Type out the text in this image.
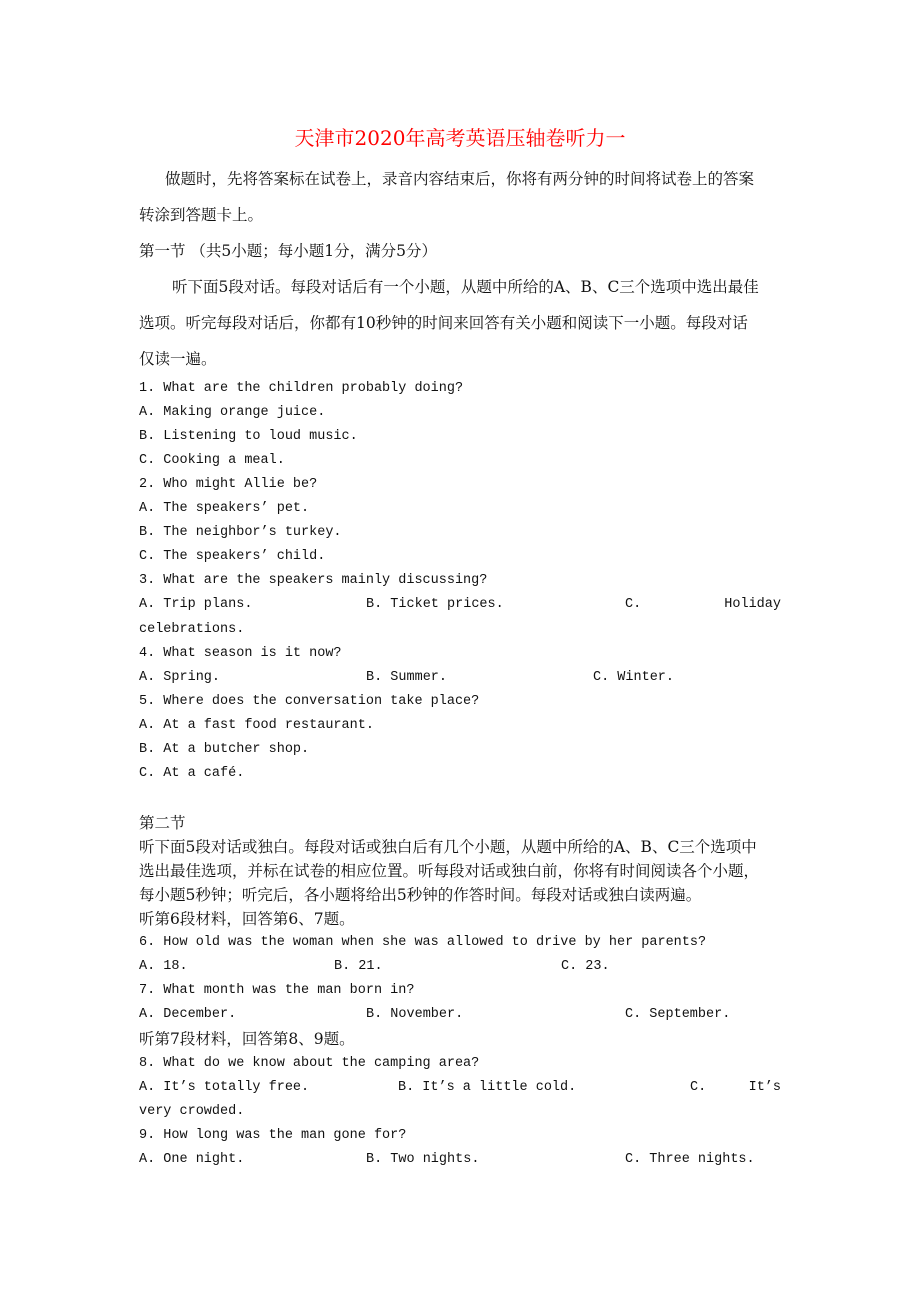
天津市2020年高考英语压轴卷听力一
做题时，先将答案标在试卷上，录音内容结束后，你将有两分钟的时间将试卷上的答案
转涂到答题卡上。
第一节 （共5小题；每小题1分，满分5分）
听下面5段对话。每段对话后有一个小题，从题中所给的A、B、C三个选项中选出最佳
选项。听完每段对话后，你都有10秒钟的时间来回答有关小题和阅读下一小题。每段对话
仅读一遍。
1. What are the children probably doing?
A. Making orange juice.
B. Listening to loud music.
C. Cooking a meal.
2. Who might Allie be?
A. The speakers’ pet.
B. The neighbor’s turkey.
C. The speakers’ child.
3. What are the speakers mainly discussing?
A. Trip plans.	B. Ticket prices.	C.	Holiday
celebrations.
4. What season is it now?
A. Spring.	B. Summer.	C. Winter.
5. Where does the conversation take place?
A. At a fast food restaurant.
B. At a butcher shop.
C. At a café.
第二节
听下面5段对话或独白。每段对话或独白后有几个小题，从题中所给的A、B、C三个选项中
选出最佳选项，并标在试卷的相应位置。听每段对话或独白前，你将有时间阅读各个小题，
每小题5秒钟；听完后，各小题将给出5秒钟的作答时间。每段对话或独白读两遍。
听第6段材料，回答第6、7题。
6. How old was the woman when she was allowed to drive by her parents?
A. 18.	B. 21.	C. 23.
7. What month was the man born in?
A. December.	B. November.	C. September.
听第7段材料，回答第8、9题。
8. What do we know about the camping area?
A. It’s totally free.	B. It’s a little cold.	C.	It’s
very crowded.
9. How long was the man gone for?
A. One night.	B. Two nights.	C. Three nights.
